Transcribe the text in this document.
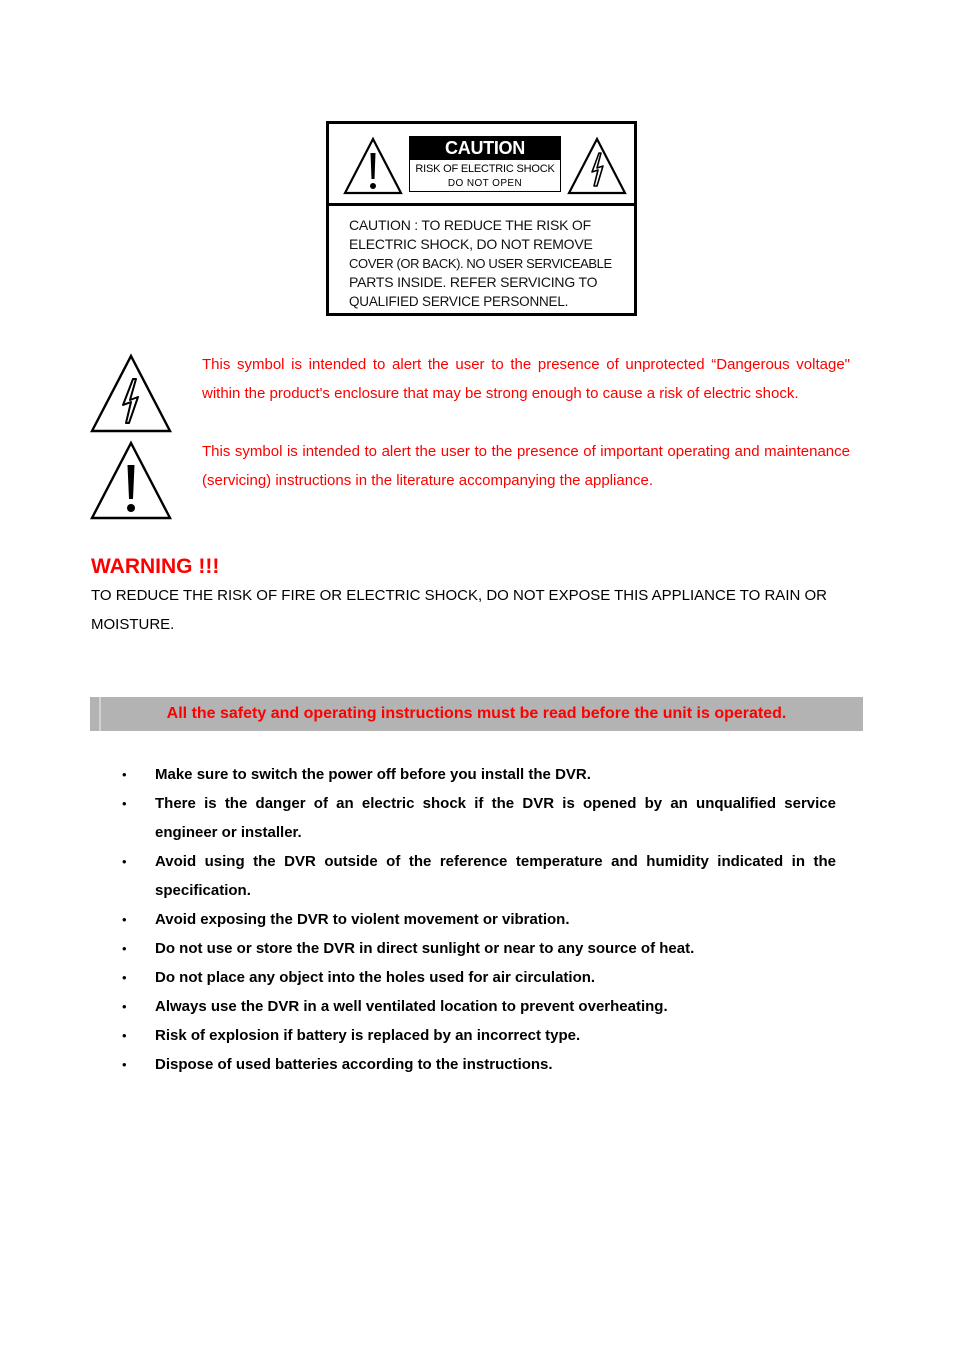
CAUTION
RISK OF ELECTRIC SHOCK
DO NOT OPEN
CAUTION : TO REDUCE THE RISK OF
ELECTRIC SHOCK, DO NOT REMOVE
COVER (OR BACK). NO USER SERVICEABLE
PARTS INSIDE. REFER SERVICING TO
QUALIFIED SERVICE PERSONNEL.
This symbol is intended to alert the user to the presence of unprotected “Dangerous voltage" within the product's enclosure that may be strong enough to cause a risk of electric shock.
This symbol is intended to alert the user to the presence of important operating and maintenance (servicing) instructions in the literature accompanying the appliance.
WARNING !!!
TO REDUCE THE RISK OF FIRE OR ELECTRIC SHOCK, DO NOT EXPOSE THIS APPLIANCE TO RAIN OR MOISTURE.
All the safety and operating instructions must be read before the unit is operated.
• Make sure to switch the power off before you install the DVR.
• There is the danger of an electric shock if the DVR is opened by an unqualified service engineer or installer.
• Avoid using the DVR outside of the reference temperature and humidity indicated in the specification.
• Avoid exposing the DVR to violent movement or vibration.
• Do not use or store the DVR in direct sunlight or near to any source of heat.
• Do not place any object into the holes used for air circulation.
• Always use the DVR in a well ventilated location to prevent overheating.
• Risk of explosion if battery is replaced by an incorrect type.
• Dispose of used batteries according to the instructions.
